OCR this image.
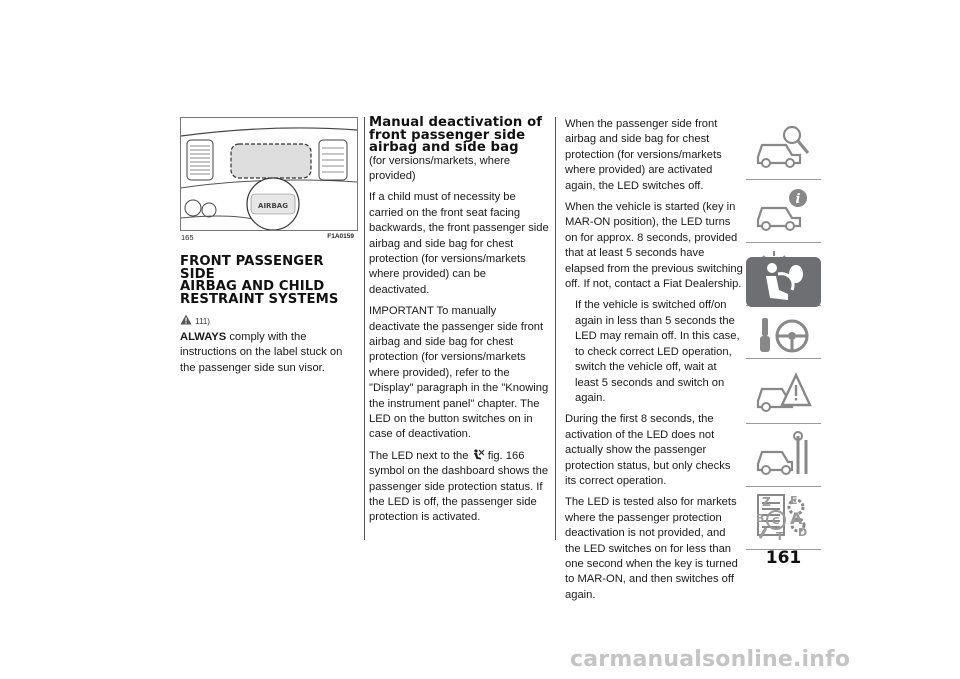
AIRBAG
165	F1A0159
FRONT PASSENGER SIDE
AIRBAG AND CHILD
RESTRAINT SYSTEMS
111)

ALWAYS comply with the instructions on the label stuck on the passenger side sun visor.

Manual deactivation of
front passenger side
airbag and side bag

(for versions/markets, where provided)

If a child must of necessity be carried on the front seat facing backwards, the front passenger side airbag and side bag for chest protection (for versions/markets where provided) can be deactivated.

IMPORTANT To manually deactivate the passenger side front airbag and side bag for chest protection (for versions/markets where provided), refer to the "Display" paragraph in the "Knowing the instrument panel" chapter. The LED on the button switches on in case of deactivation.

The LED next to the fig. 166 symbol on the dashboard shows the passenger side protection status. If the LED is off, the passenger side protection is activated.

When the passenger side front airbag and side bag for chest protection (for versions/markets where provided) are activated again, the LED switches off.

When the vehicle is started (key in MAR-ON position), the LED turns on for approx. 8 seconds, provided that at least 5 seconds have elapsed from the previous switching off. If not, contact a Fiat Dealership.

If the vehicle is switched off/on again in less than 5 seconds the LED may remain off. In this case, to check correct LED operation, switch the vehicle off, wait at least 5 seconds and switch on again.

During the first 8 seconds, the activation of the LED does not actually show the passenger protection status, but only checks its correct operation.

The LED is tested also for markets where the passenger protection deactivation is not provided, and the LED switches on for less than one second when the key is turned to MAR-ON, and then switches off again.

i
Z E
B A
C
T D
161
carmanualsonline.info
